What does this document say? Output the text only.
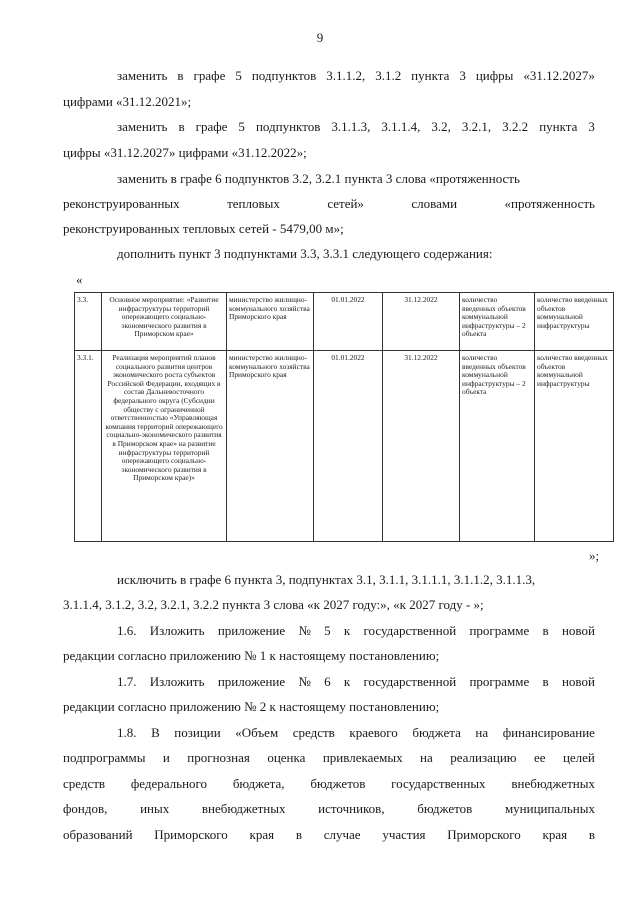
9
заменить в графе 5 подпунктов 3.1.1.2, 3.1.2 пункта 3 цифры «31.12.2027»
цифрами «31.12.2021»;
заменить в графе 5 подпунктов 3.1.1.3, 3.1.1.4, 3.2, 3.2.1, 3.2.2 пункта 3
цифры «31.12.2027» цифрами «31.12.2022»;
заменить в графе 6 подпунктов 3.2, 3.2.1 пункта 3 слова «протяженность
реконструированных	тепловых	сетей»	словами	«протяженность
реконструированных тепловых сетей - 5479,00 м»;
дополнить пункт 3 подпунктами 3.3, 3.3.1 следующего содержания:
«
3.3.	Основное мероприятие: «Развитие инфраструктуры территорий опережающего социально-экономического развития в Приморском крае»	министерство жилищно-коммунального хозяйства Приморского края	01.01.2022	31.12.2022	количество введенных объектов коммунальной инфраструктуры – 2 объекта	количество введенных объектов коммунальной инфраструктуры
3.3.1.	Реализация мероприятий планов социального развития центров экономического роста субъектов Российской Федерации, входящих в состав Дальневосточного федерального округа (Субсидии обществу с ограниченной ответственностью «Управляющая компания территорий опережающего социально-экономического развития в Приморском крае» на развитие инфраструктуры территорий опережающего социально-экономического развития в Приморском крае)»	министерство жилищно-коммунального хозяйства Приморского края	01.01.2022	31.12.2022	количество введенных объектов коммунальной инфраструктуры – 2 объекта	количество введенных объектов коммунальной инфраструктуры
»;
исключить в графе 6 пункта 3, подпунктах 3.1, 3.1.1, 3.1.1.1, 3.1.1.2, 3.1.1.3,
3.1.1.4, 3.1.2, 3.2, 3.2.1, 3.2.2 пункта 3 слова «к 2027 году:», «к 2027 году - »;
1.6. Изложить приложение № 5 к государственной программе в новой
редакции согласно приложению № 1 к настоящему постановлению;
1.7. Изложить приложение № 6 к государственной программе в новой
редакции согласно приложению № 2 к настоящему постановлению;
1.8. В позиции «Объем средств краевого бюджета на финансирование
подпрограммы и прогнозная оценка привлекаемых на реализацию ее целей
средств федерального бюджета, бюджетов государственных внебюджетных
фондов,	иных	внебюджетных	источников,	бюджетов	муниципальных
образований Приморского края в случае участия Приморского края в
